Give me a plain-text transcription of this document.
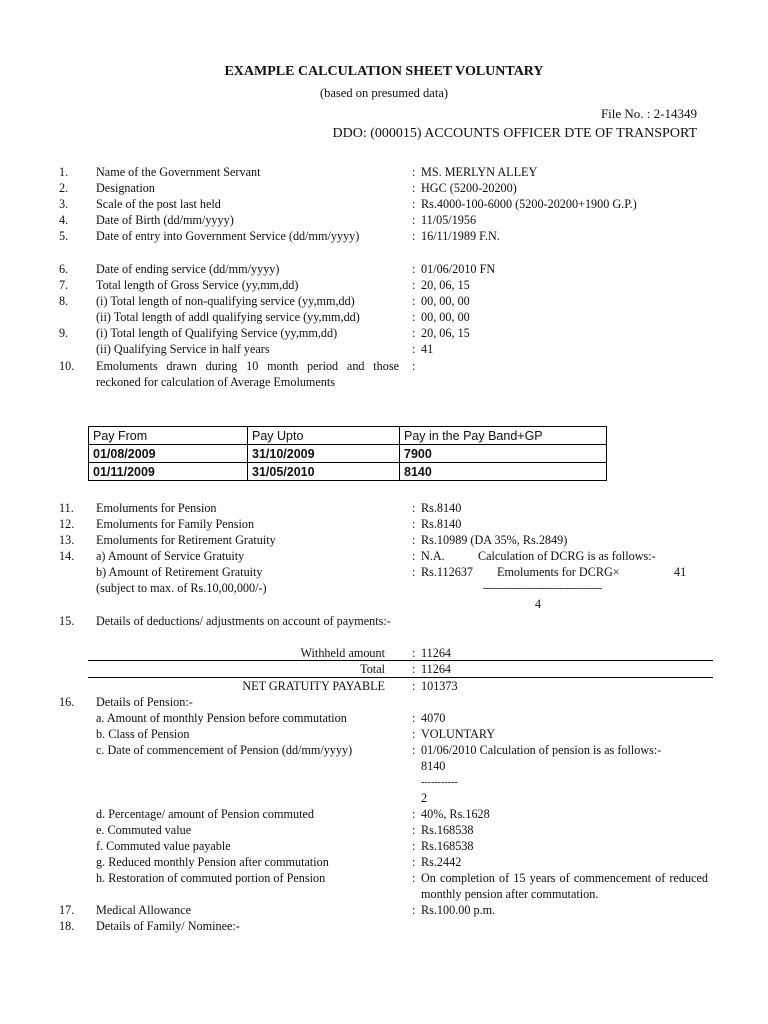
EXAMPLE CALCULATION SHEET VOLUNTARY
(based on presumed data)
File No. : 2-14349
DDO: (000015) ACCOUNTS OFFICER DTE OF TRANSPORT
1.	Name of the Government Servant	: MS. MERLYN ALLEY
2.	Designation	: HGC (5200-20200)
3.	Scale of the post last held	: Rs.4000-100-6000 (5200-20200+1900 G.P.)
4.	Date of Birth (dd/mm/yyyy)	: 11/05/1956
5.	Date of entry into Government Service (dd/mm/yyyy)	: 16/11/1989 F.N.
6.	Date of ending service (dd/mm/yyyy)	: 01/06/2010 FN
7.	Total length of Gross Service (yy,mm,dd)	: 20, 06, 15
8.	(i) Total length of non-qualifying service (yy,mm,dd)	: 00, 00, 00
(ii) Total length of addl qualifying service (yy,mm,dd)	: 00, 00, 00
9.	(i) Total length of Qualifying Service (yy,mm,dd)	: 20, 06, 15
(ii) Qualifying Service in half years	: 41
10.	Emoluments drawn during 10 month period and those reckoned for calculation of Average Emoluments
:
Pay From	Pay Upto	Pay in the Pay Band+GP
01/08/2009	31/10/2009	7900
01/11/2009	31/05/2010	8140
11.	Emoluments for Pension	: Rs.8140
12.	Emoluments for Family Pension	: Rs.8140
13.	Emoluments for Retirement Gratuity	: Rs.10989 (DA 35%, Rs.2849)
14.	a) Amount of Service Gratuity	: N.A.	Calculation of DCRG is as follows:-
b) Amount of Retirement Gratuity	: Rs.112637 Emoluments for DCRG×	41
(subject to max. of Rs.10,00,000/-)	------------------------------------------
4
15.	Details of deductions/ adjustments on account of payments:-
Withheld amount : 11264
Total : 11264
NET GRATUITY PAYABLE : 101373
16.	Details of Pension:-
a. Amount of monthly Pension before commutation	: 4070
b. Class of Pension	: VOLUNTARY
c. Date of commencement of Pension (dd/mm/yyyy)	: 01/06/2010 Calculation of pension is as follows:-
8140
-----------
2
d. Percentage/ amount of Pension commuted	: 40%, Rs.1628
e. Commuted value	: Rs.168538
f. Commuted value payable	: Rs.168538
g. Reduced monthly Pension after commutation	: Rs.2442
h. Restoration of commuted portion of Pension	: On completion of 15 years of commencement of reduced monthly pension after commutation.
17.	Medical Allowance	: Rs.100.00 p.m.
18.	Details of Family/ Nominee:-
